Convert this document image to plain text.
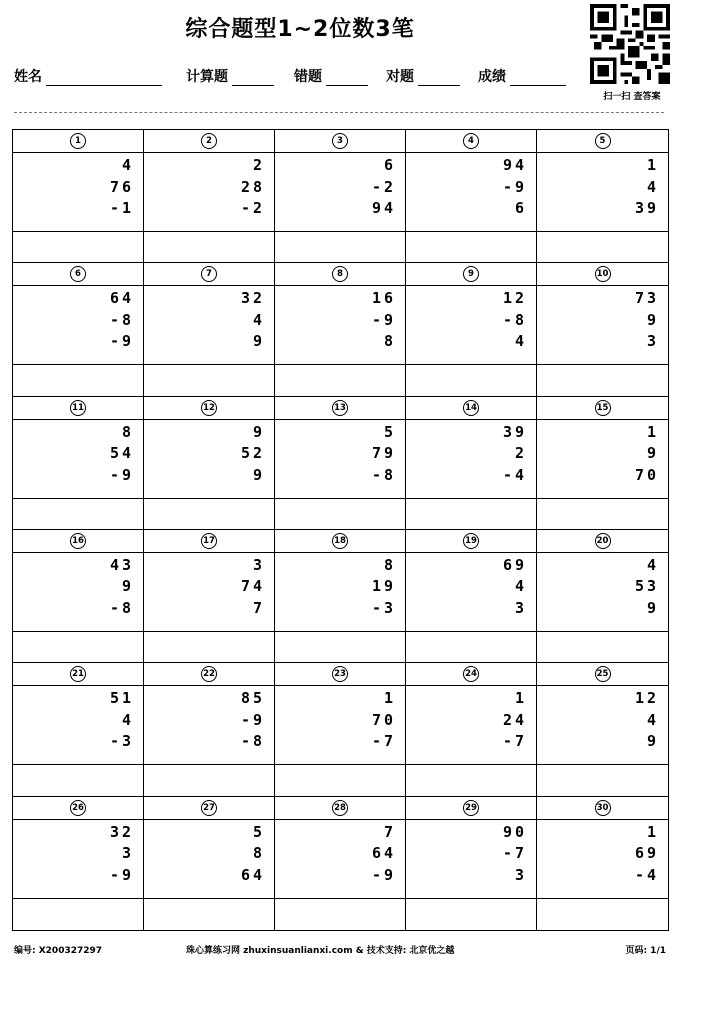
综合题型1~2位数3笔
扫一扫 查答案
姓名	计算题	错题	对题	成绩
1
4
76
-1
2
2
28
-2
3
6
-2
94
4
94
-9
6
5
1
4
39
6
64
-8
-9
7
32
4
9
8
16
-9
8
9
12
-8
4
10
73
9
3
11
8
54
-9
12
9
52
9
13
5
79
-8
14
39
2
-4
15
1
9
70
16
43
9
-8
17
3
74
7
18
8
19
-3
19
69
4
3
20
4
53
9
21
51
4
-3
22
85
-9
-8
23
1
70
-7
24
1
24
-7
25
12
4
9
26
32
3
-9
27
5
8
64
28
7
64
-9
29
90
-7
3
30
1
69
-4
编号: X200327297	珠心算练习网 zhuxinsuanlianxi.com & 技术支持: 北京优之越	页码: 1/1
